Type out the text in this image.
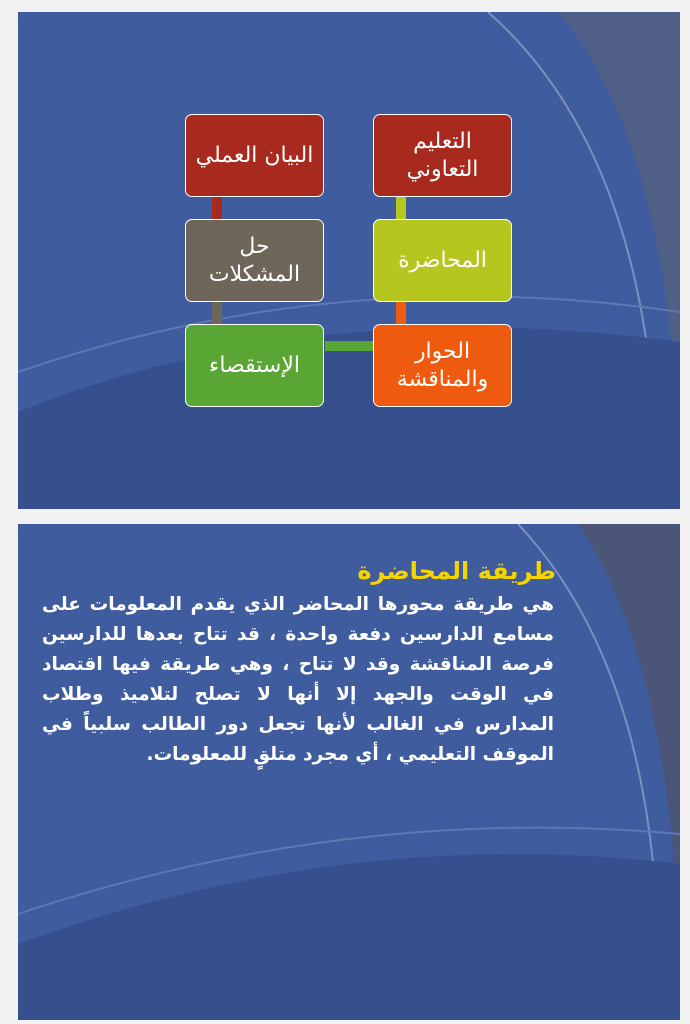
البيان العملي
التعليم التعاوني
حل المشكلات
المحاضرة
الإستقصاء
الحوار والمناقشة
طريقة المحاضرة

هي طريقة محورها المحاضر الذي يقدم المعلومات على مسامع الدارسين دفعة واحدة ، قد تتاح بعدها للدارسين فرصة المناقشة وقد لا تتاح ، وهي طريقة فيها اقتصاد في الوقت والجهد إلا أنها لا تصلح لتلاميذ وطلاب المدارس في الغالب لأنها تجعل دور الطالب سلبياً في الموقف التعليمي ، أي مجرد متلقٍ للمعلومات.
